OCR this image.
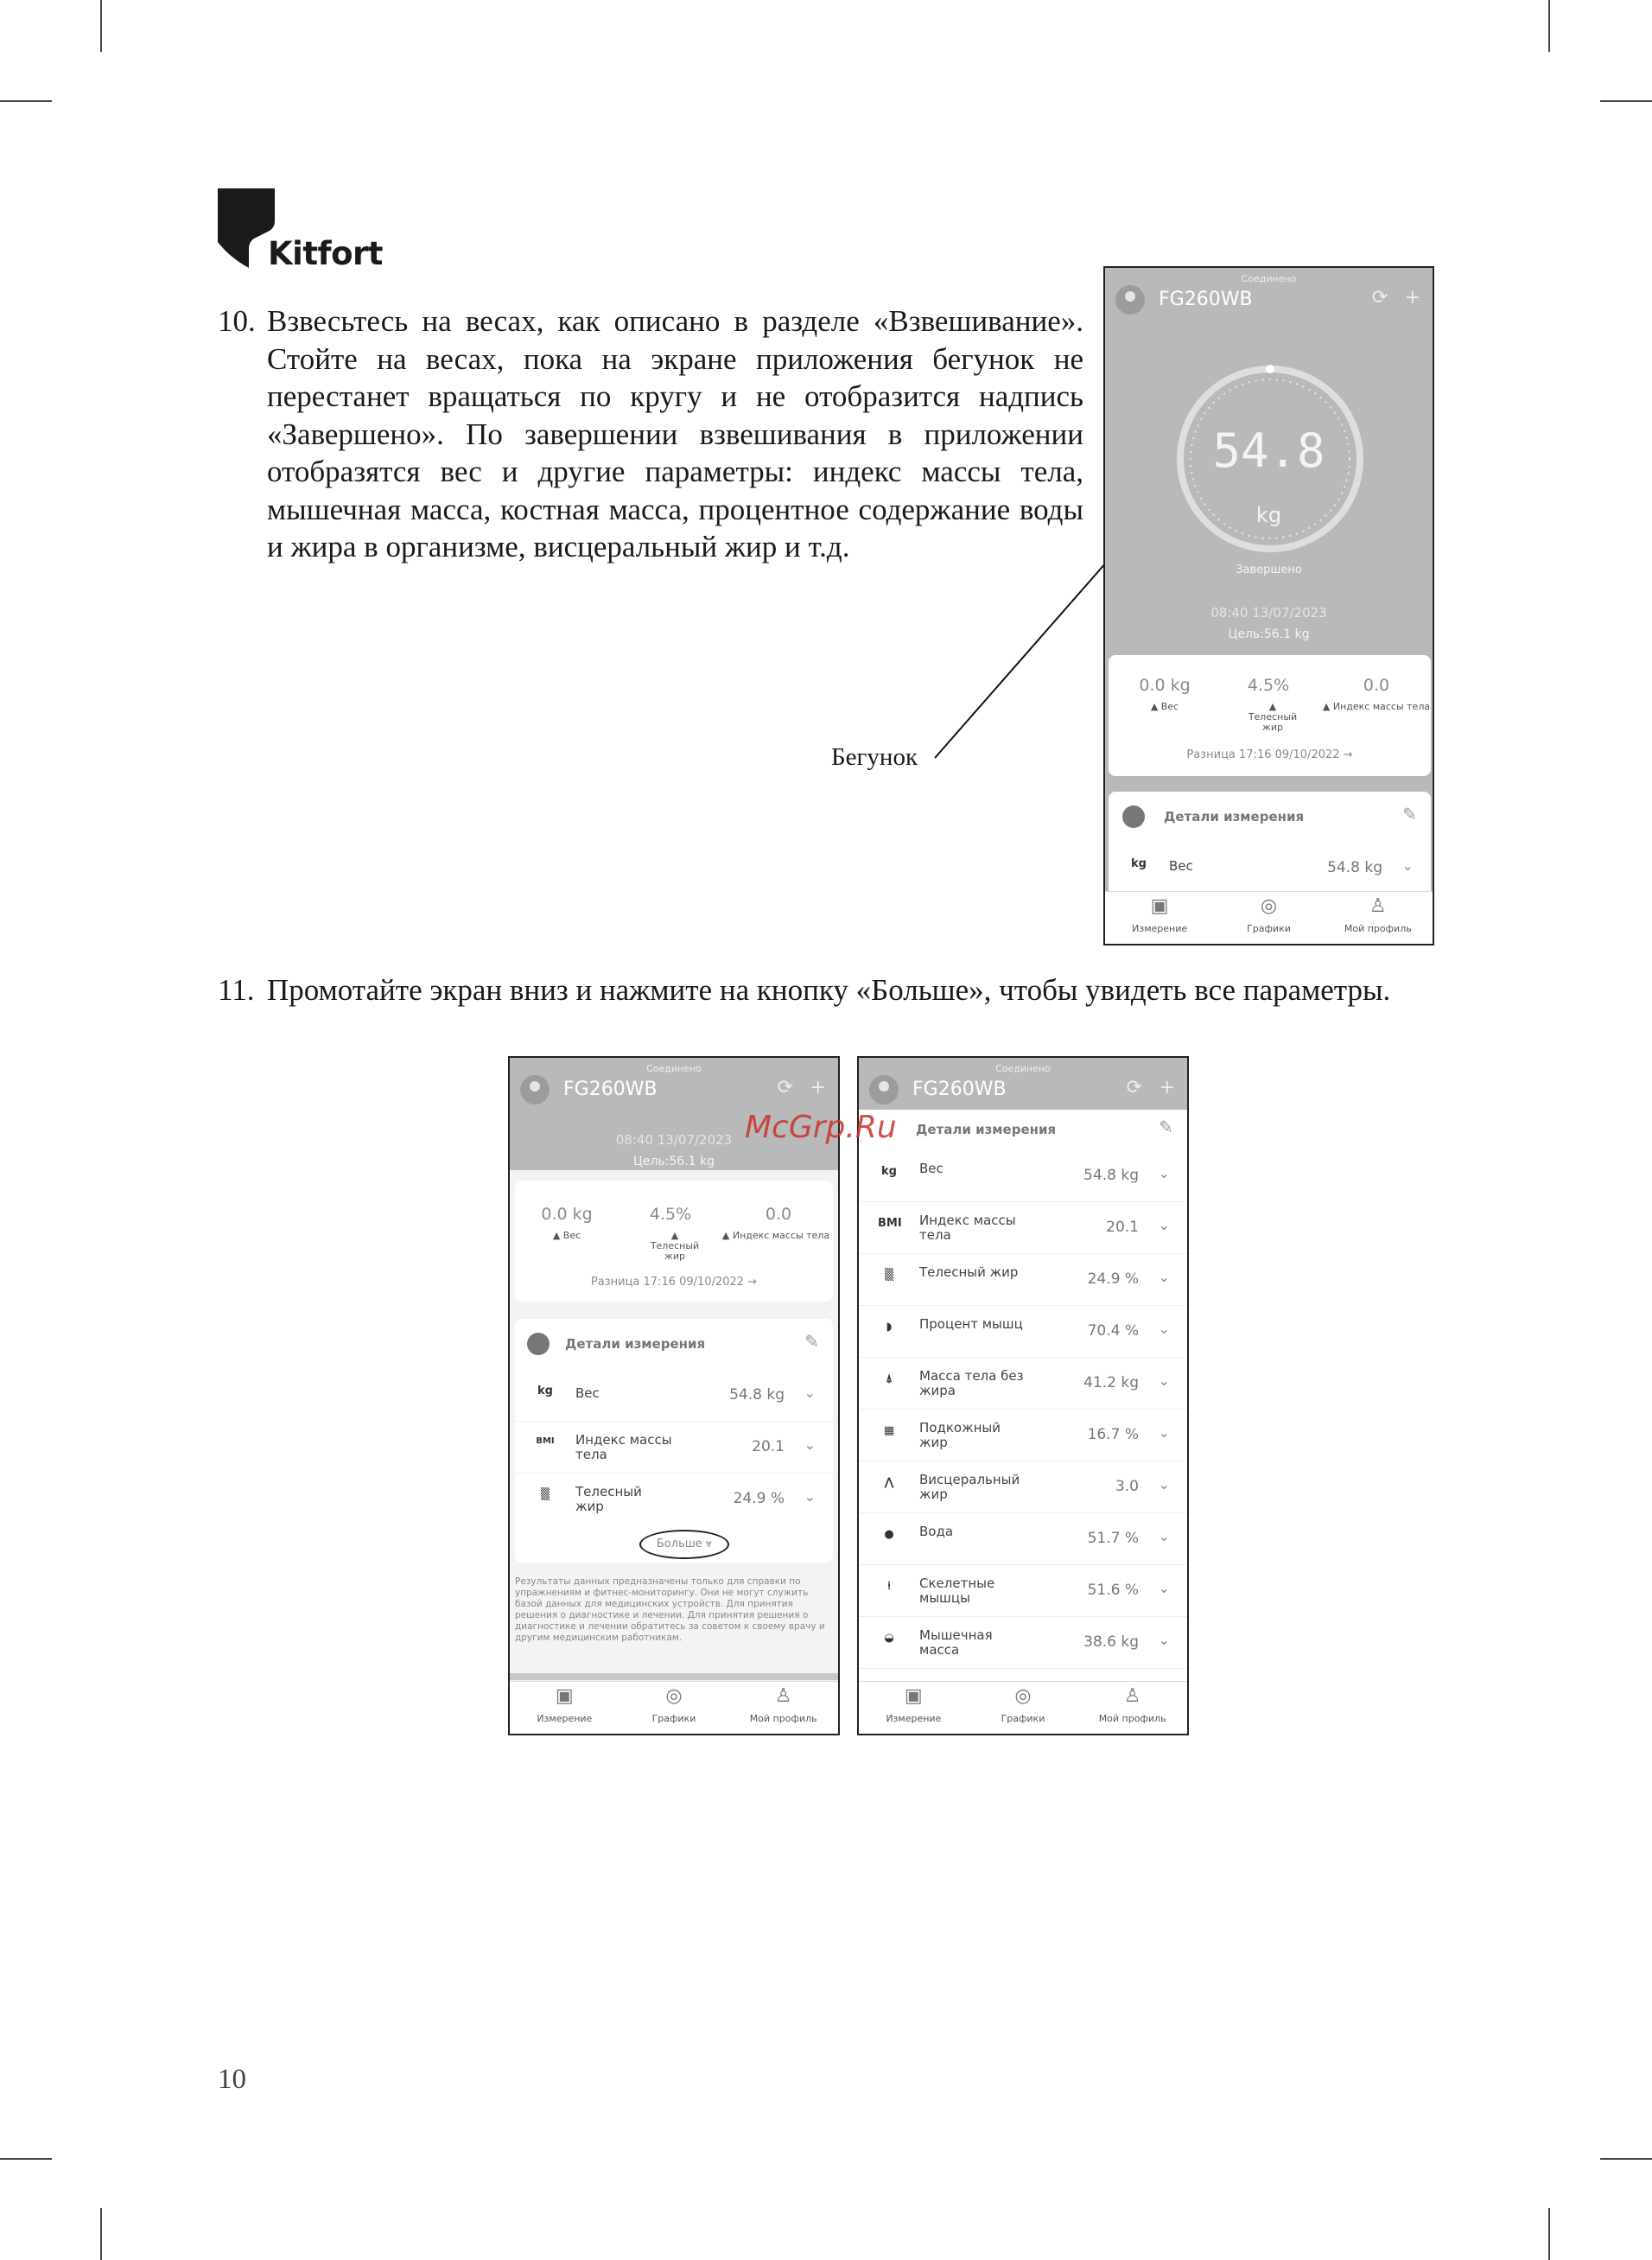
Kitfort
10. Взвесьтесь на весах, как описано в разделе «Взвешивание». Стойте на весах, пока на экране приложения бегунок не перестанет вращаться по кругу и не отобразится надпись «Завершено». По завершении взвешивания в приложении отобразятся вес и другие параметры: индекс массы тела, мышечная масса, костная масса, процентное содержание воды и жира в организме, висцеральный жир и т.д.
Бегунок
Соединено
FG260WB	⟳ +
54.8
kg
Завершено
08:40 13/07/2023
Цель:56.1 kg
0.0 kg
▲ Вес
4.5%
▲ Телесный жир
0.0
▲ Индекс массы тела
Разница 17:16 09/10/2022 →
Детали измерения	✎
kg Вес	54.8 kg ⌄
▣
Измерение
◎
Графики
♙
Мой профиль
11. Промотайте экран вниз и нажмите на кнопку «Больше», чтобы увидеть все параметры.
Соединено
FG260WB	⟳ +
08:40 13/07/2023
Цель:56.1 kg
0.0 kg
▲ Вес
4.5%
▲ Телесный жир
0.0
▲ Индекс массы тела
Разница 17:16 09/10/2022 →
Детали измерения	✎
kg Вес	54.8 kg ⌄
BMI Индекс массы тела	20.1 ⌄
▒	Телесный жир	24.9 % ⌄
Больше ⩔
Результаты данных предназначены только для справки по упражнениям и фитнес-мониторингу. Они не могут служить базой данных для медицинских устройств. Для принятия решения о диагностике и лечении. Для принятия решения о диагностике и лечении обратитесь за советом к своему врачу и другим медицинским работникам.
▣
Измерение
◎
Графики
♙
Мой профиль
Соединено
FG260WB	⟳ +
Детали измерения	✎
kg Вес	54.8 kg ⌄
BMI Индекс массы тела	20.1 ⌄
▒	Телесный жир	24.9 % ⌄
◗	Процент мышц	70.4 % ⌄
⍋	Масса тела без жира	41.2 kg ⌄
▦	Подкожный жир	16.7 % ⌄
⋀	Висцеральный жир	3.0 ⌄
●	Вода	51.7 % ⌄
⍿	Скелетные мышцы	51.6 % ⌄
◒	Мышечная масса	38.6 kg ⌄
▣
Измерение
◎
Графики
♙
Мой профиль
McGrp.Ru
10
